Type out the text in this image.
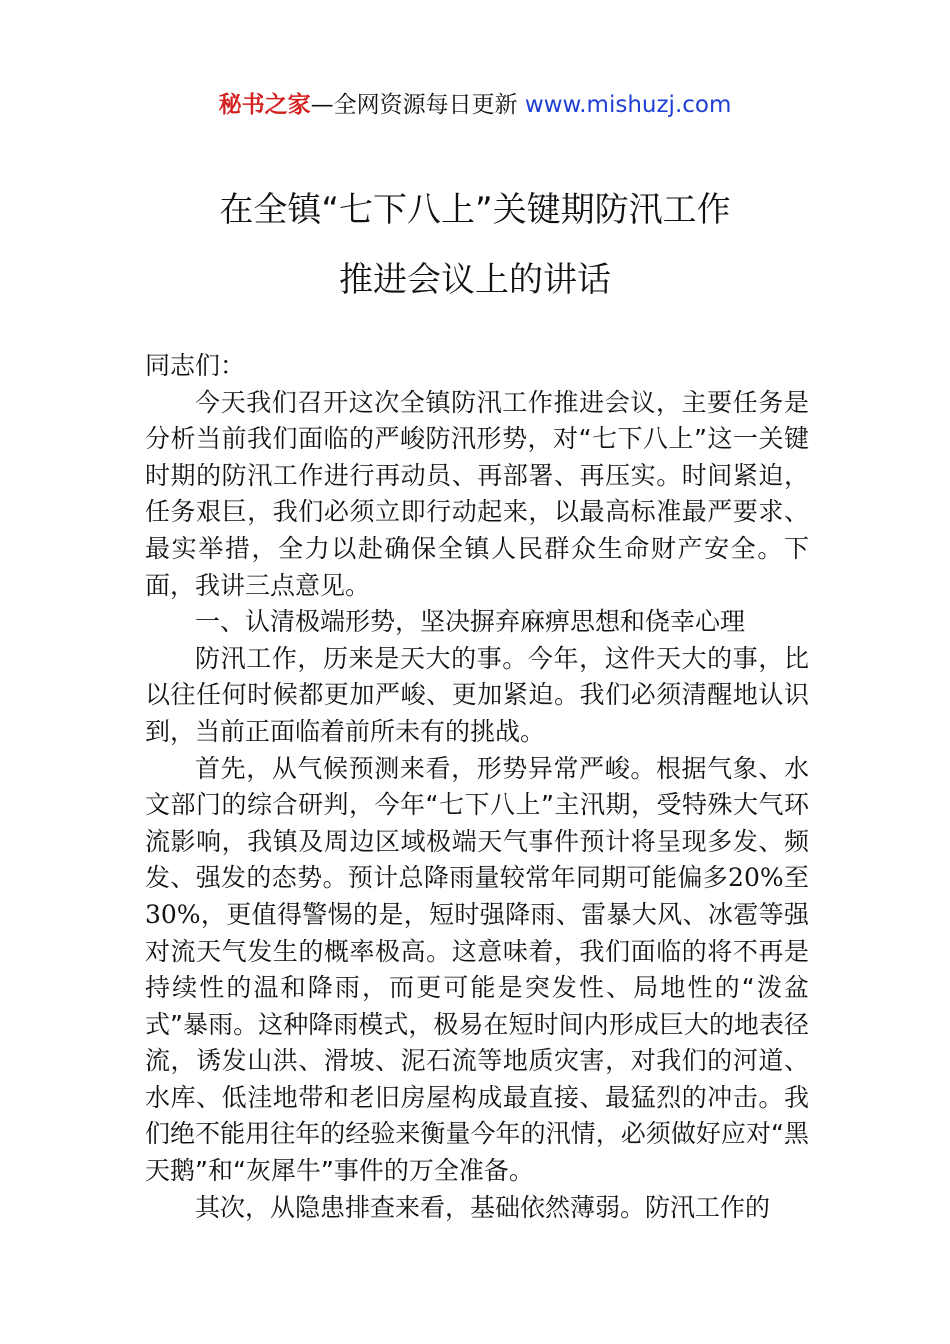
秘书之家—全网资源每日更新 www.mishuzj.com
在全镇“七下八上”关键期防汛工作
推进会议上的讲话

同志们：

今天我们召开这次全镇防汛工作推进会议，主要任务是分析当前我们面临的严峻防汛形势，对“七下八上”这一关键时期的防汛工作进行再动员、再部署、再压实。时间紧迫，任务艰巨，我们必须立即行动起来，以最高标准最严要求、最实举措，全力以赴确保全镇人民群众生命财产安全。下面，我讲三点意见。

一、认清极端形势，坚决摒弃麻痹思想和侥幸心理

防汛工作，历来是天大的事。今年，这件天大的事，比以往任何时候都更加严峻、更加紧迫。我们必须清醒地认识到，当前正面临着前所未有的挑战。

首先，从气候预测来看，形势异常严峻。根据气象、水文部门的综合研判，今年“七下八上”主汛期，受特殊大气环流影响，我镇及周边区域极端天气事件预计将呈现多发、频发、强发的态势。预计总降雨量较常年同期可能偏多20%至30%，更值得警惕的是，短时强降雨、雷暴大风、冰雹等强对流天气发生的概率极高。这意味着，我们面临的将不再是持续性的温和降雨，而更可能是突发性、局地性的“泼盆式”暴雨。这种降雨模式，极易在短时间内形成巨大的地表径流，诱发山洪、滑坡、泥石流等地质灾害，对我们的河道、水库、低洼地带和老旧房屋构成最直接、最猛烈的冲击。我们绝不能用往年的经验来衡量今年的汛情，必须做好应对“黑天鹅”和“灰犀牛”事件的万全准备。

其次，从隐患排查来看，基础依然薄弱。防汛工作的
